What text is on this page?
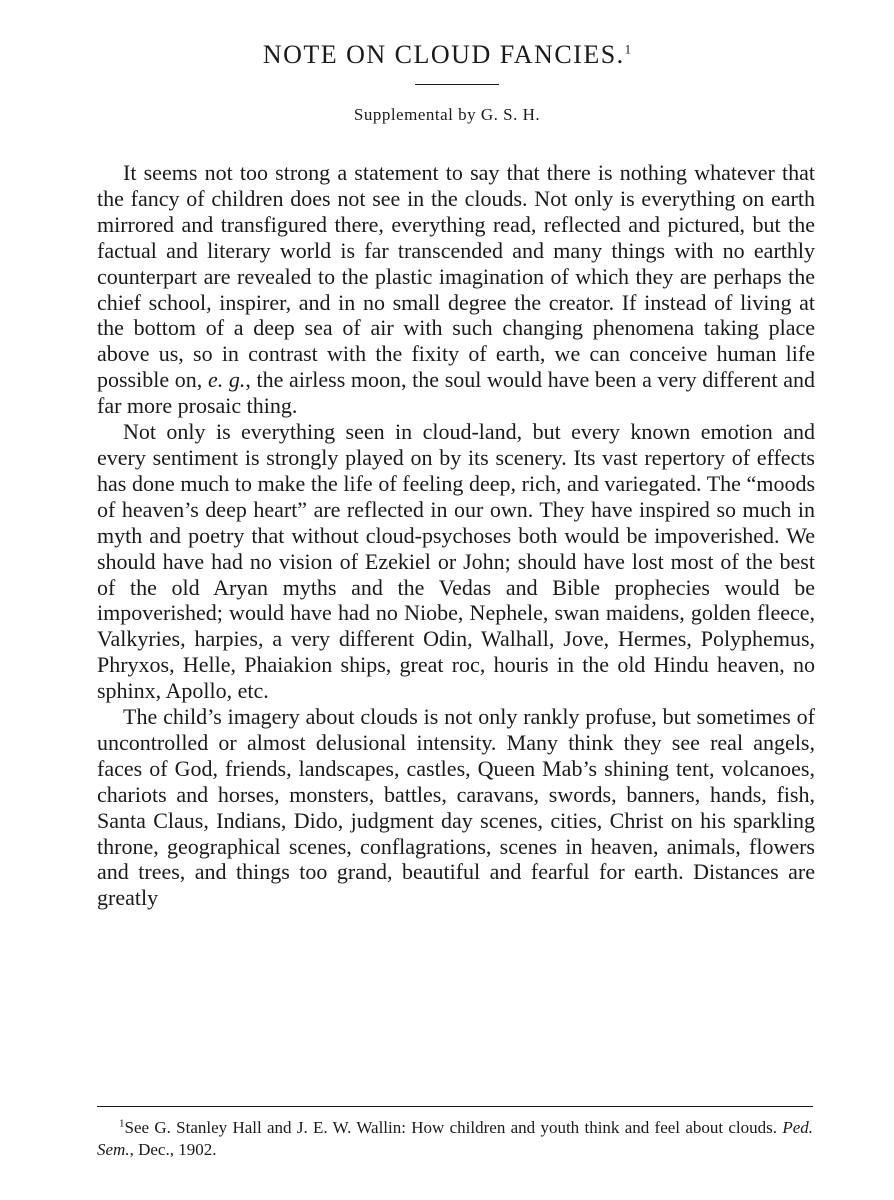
NOTE ON CLOUD FANCIES.$^1$
Supplemental by G. S. H.

It seems not too strong a statement to say that there is nothing whatever that the fancy of children does not see in the clouds. Not only is everything on earth mirrored and transfigured there, everything read, reflected and pictured, but the factual and literary world is far transcended and many things with no earthly counterpart are revealed to the plastic imagination of which they are perhaps the chief school, inspirer, and in no small degree the creator. If instead of living at the bottom of a deep sea of air with such changing phenomena taking place above us, so in contrast with the fixity of earth, we can conceive human life possible on, e. g., the airless moon, the soul would have been a very different and far more prosaic thing.

Not only is everything seen in cloud-land, but every known emotion and every sentiment is strongly played on by its scenery. Its vast repertory of effects has done much to make the life of feeling deep, rich, and variegated. The “moods of heaven’s deep heart” are reflected in our own. They have inspired so much in myth and poetry that without cloud-psychoses both would be impoverished. We should have had no vision of Ezekiel or John; should have lost most of the best of the old Aryan myths and the Vedas and Bible prophecies would be impoverished; would have had no Niobe, Nephele, swan maidens, golden fleece, Valkyries, harpies, a very different Odin, Walhall, Jove, Hermes, Polyphemus, Phryxos, Helle, Phaiakion ships, great roc, houris in the old Hindu heaven, no sphinx, Apollo, etc.

The child’s imagery about clouds is not only rankly profuse, but sometimes of uncontrolled or almost delusional intensity. Many think they see real angels, faces of God, friends, landscapes, castles, Queen Mab’s shining tent, volcanoes, chariots and horses, monsters, battles, caravans, swords, banners, hands, fish, Santa Claus, Indians, Dido, judgment day scenes, cities, Christ on his sparkling throne, geographical scenes, conflagrations, scenes in heaven, animals, flowers and trees, and things too grand, beautiful and fearful for earth. Distances are greatly

$^1$See G. Stanley Hall and J. E. W. Wallin: How children and youth think and feel about clouds. Ped. Sem., Dec., 1902.
